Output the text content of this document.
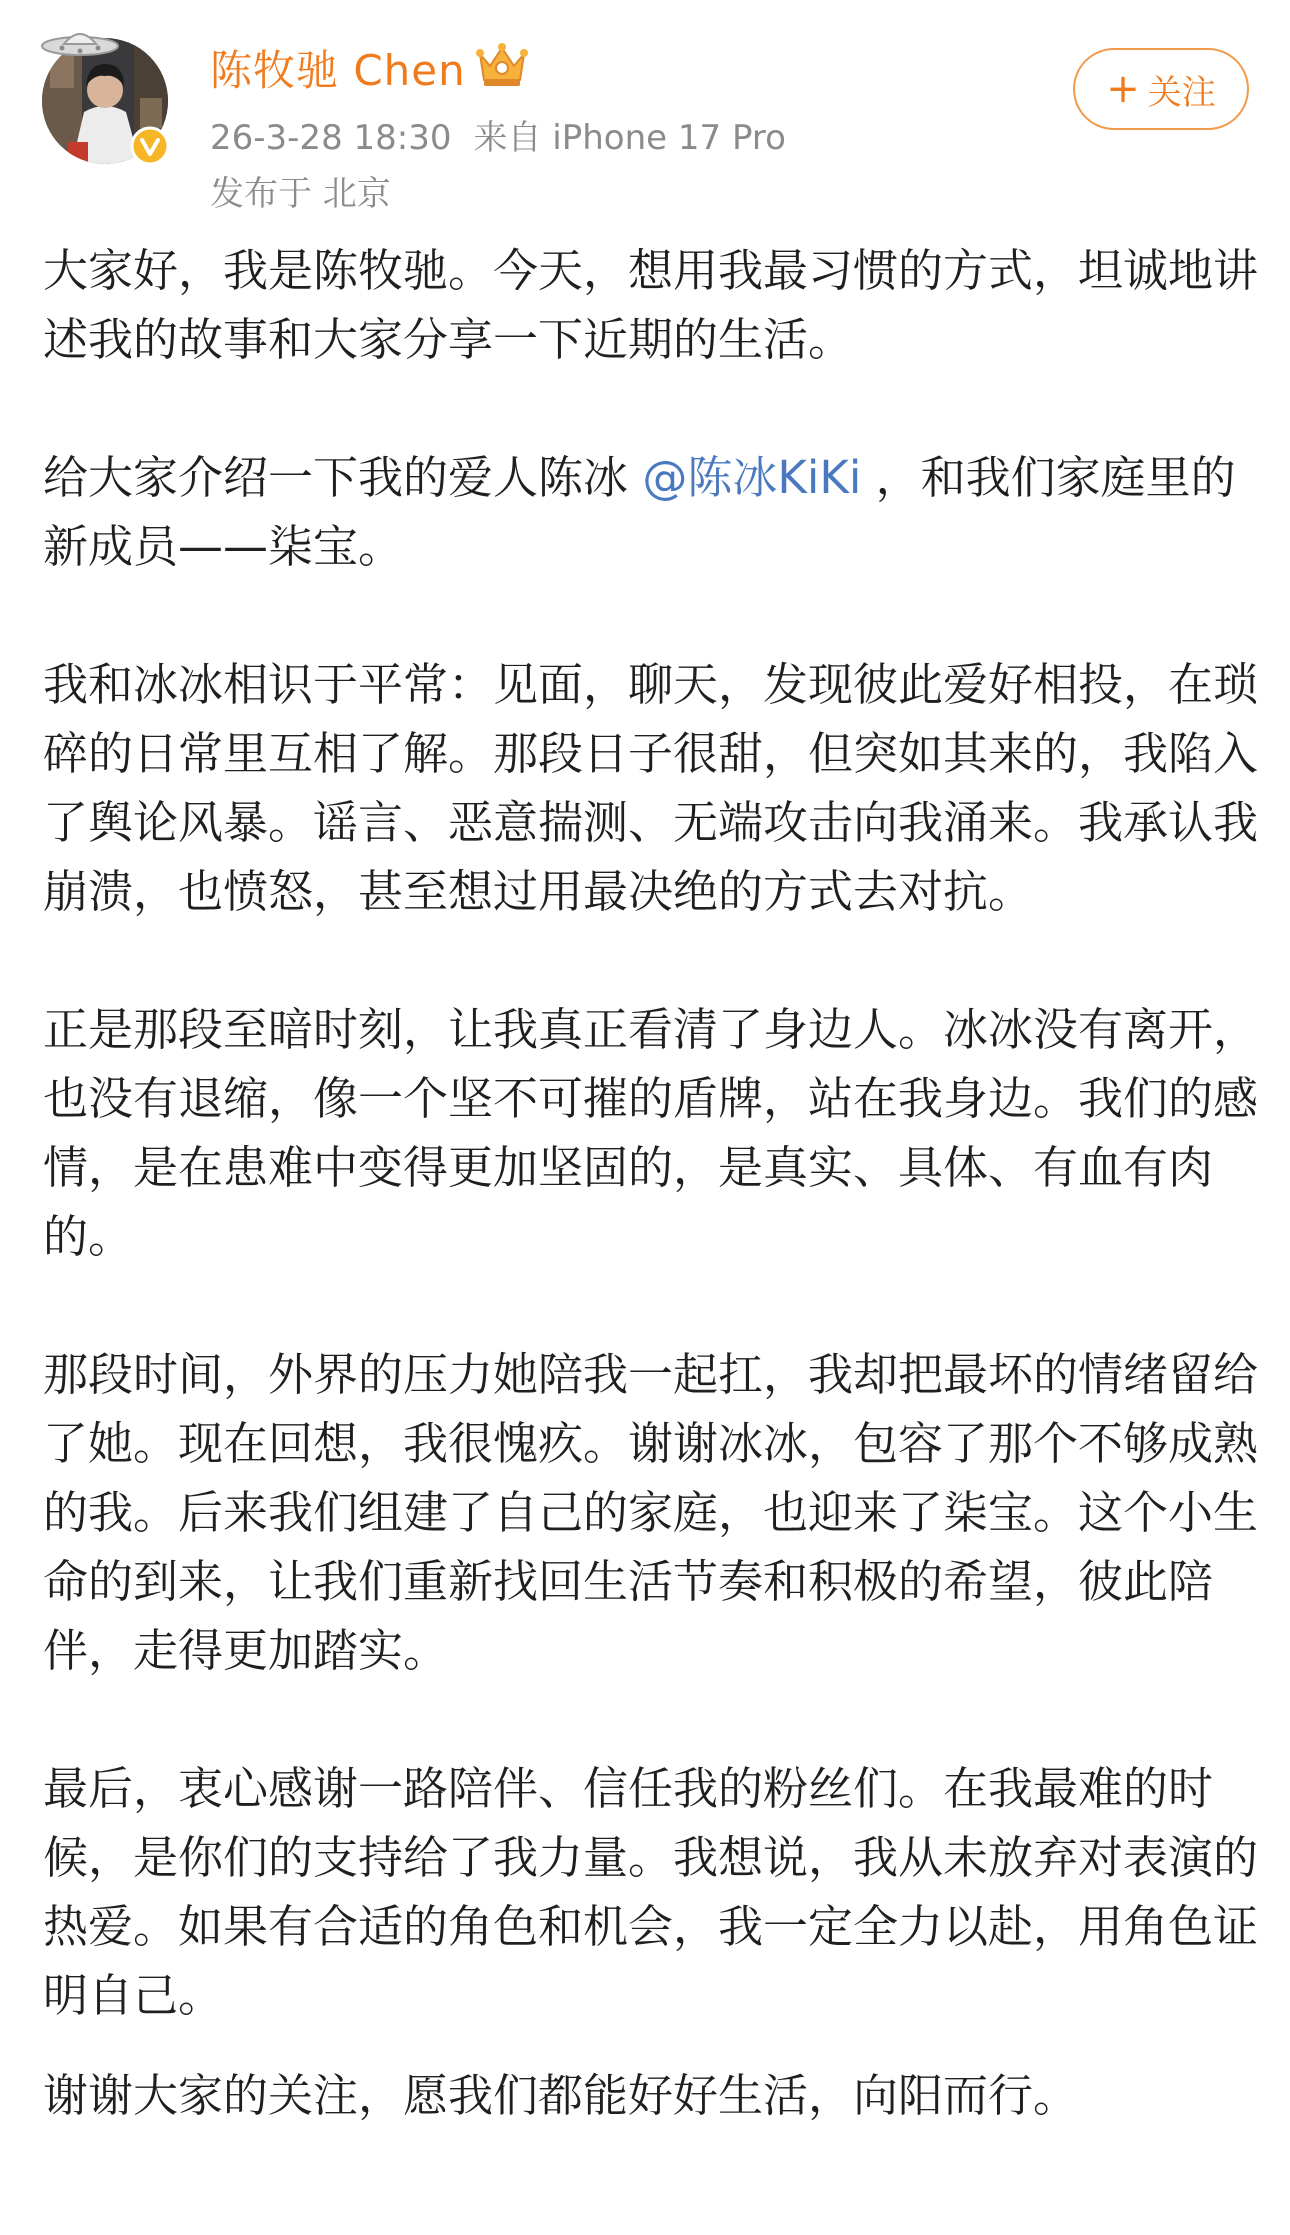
陈牧驰 Chen
26-3-28 18:30 来自 iPhone 17 Pro
发布于 北京
+ 关注

大家好，我是陈牧驰。今天，想用我最习惯的方式，坦诚地讲述我的故事和大家分享一下近期的生活。

给大家介绍一下我的爱人陈冰 @陈冰KiKi ，和我们家庭里的新成员——柒宝。

我和冰冰相识于平常：见面，聊天，发现彼此爱好相投，在琐碎的日常里互相了解。那段日子很甜，但突如其来的，我陷入了舆论风暴。谣言、恶意揣测、无端攻击向我涌来。我承认我崩溃，也愤怒，甚至想过用最决绝的方式去对抗。

正是那段至暗时刻，让我真正看清了身边人。冰冰没有离开，也没有退缩，像一个坚不可摧的盾牌，站在我身边。我们的感情，是在患难中变得更加坚固的，是真实、具体、有血有肉的。

那段时间，外界的压力她陪我一起扛，我却把最坏的情绪留给了她。现在回想，我很愧疚。谢谢冰冰，包容了那个不够成熟的我。后来我们组建了自己的家庭，也迎来了柒宝。这个小生命的到来，让我们重新找回生活节奏和积极的希望，彼此陪伴，走得更加踏实。

最后，衷心感谢一路陪伴、信任我的粉丝们。在我最难的时候，是你们的支持给了我力量。我想说，我从未放弃对表演的热爱。如果有合适的角色和机会，我一定全力以赴，用角色证明自己。

谢谢大家的关注，愿我们都能好好生活，向阳而行。
